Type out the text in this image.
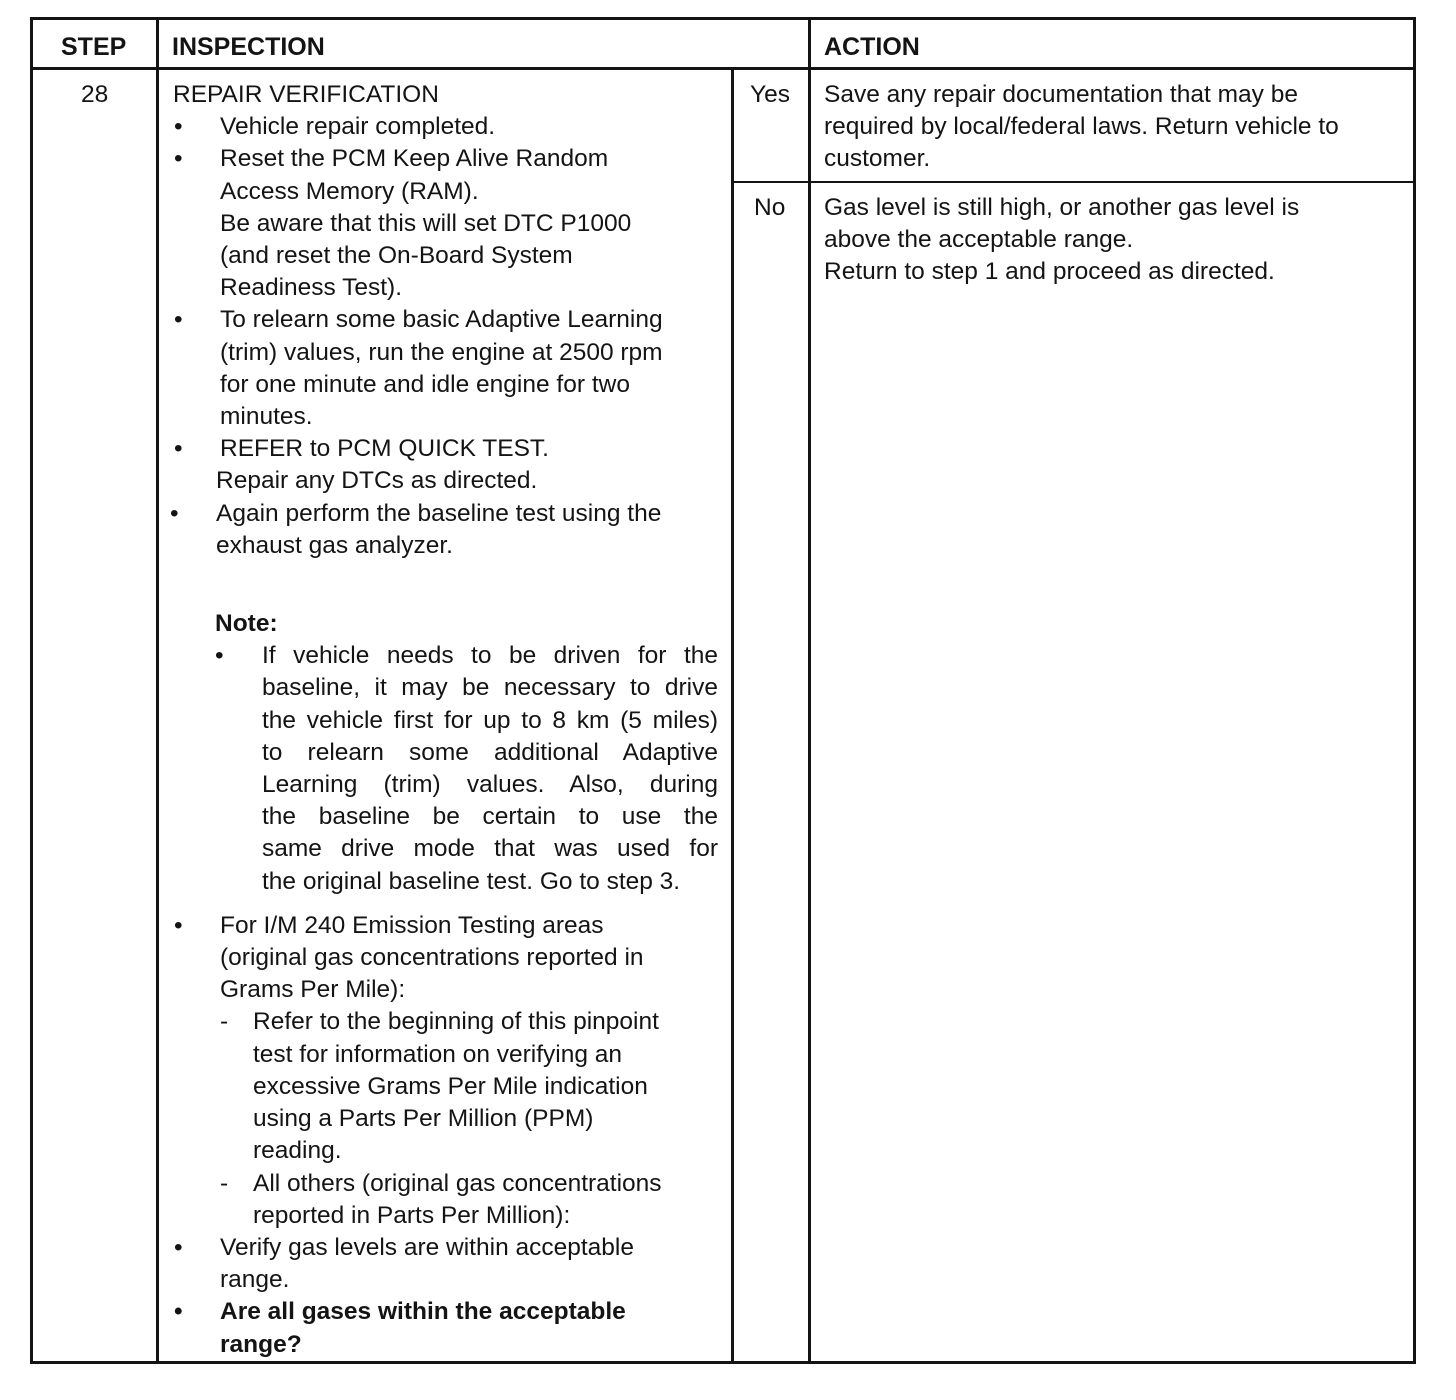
STEP INSPECTION	ACTION
28	REPAIR VERIFICATION
• Vehicle repair completed.
• Reset the PCM Keep Alive Random
Access Memory (RAM).
Be aware that this will set DTC P1000
(and reset the On-Board System
Readiness Test).
• To relearn some basic Adaptive Learning
(trim) values, run the engine at 2500 rpm
for one minute and idle engine for two
minutes.
• REFER to PCM QUICK TEST.
Repair any DTCs as directed.
• Again perform the baseline test using the
exhaust gas analyzer.
Note:
• If vehicle needs to be driven for the
baseline, it may be necessary to drive
the vehicle first for up to 8 km (5 miles)
to relearn some additional Adaptive
Learning (trim) values. Also, during
the baseline be certain to use the
same drive mode that was used for
the original baseline test. Go to step 3.
• For I/M 240 Emission Testing areas
(original gas concentrations reported in
Grams Per Mile):
- Refer to the beginning of this pinpoint
test for information on verifying an
excessive Grams Per Mile indication
using a Parts Per Million (PPM)
reading.
- All others (original gas concentrations
reported in Parts Per Million):
• Verify gas levels are within acceptable
range.
• Are all gases within the acceptable
range?
Yes
No
Save any repair documentation that may be
required by local/federal laws. Return vehicle to
customer.
Gas level is still high, or another gas level is
above the acceptable range.
Return to step 1 and proceed as directed.
